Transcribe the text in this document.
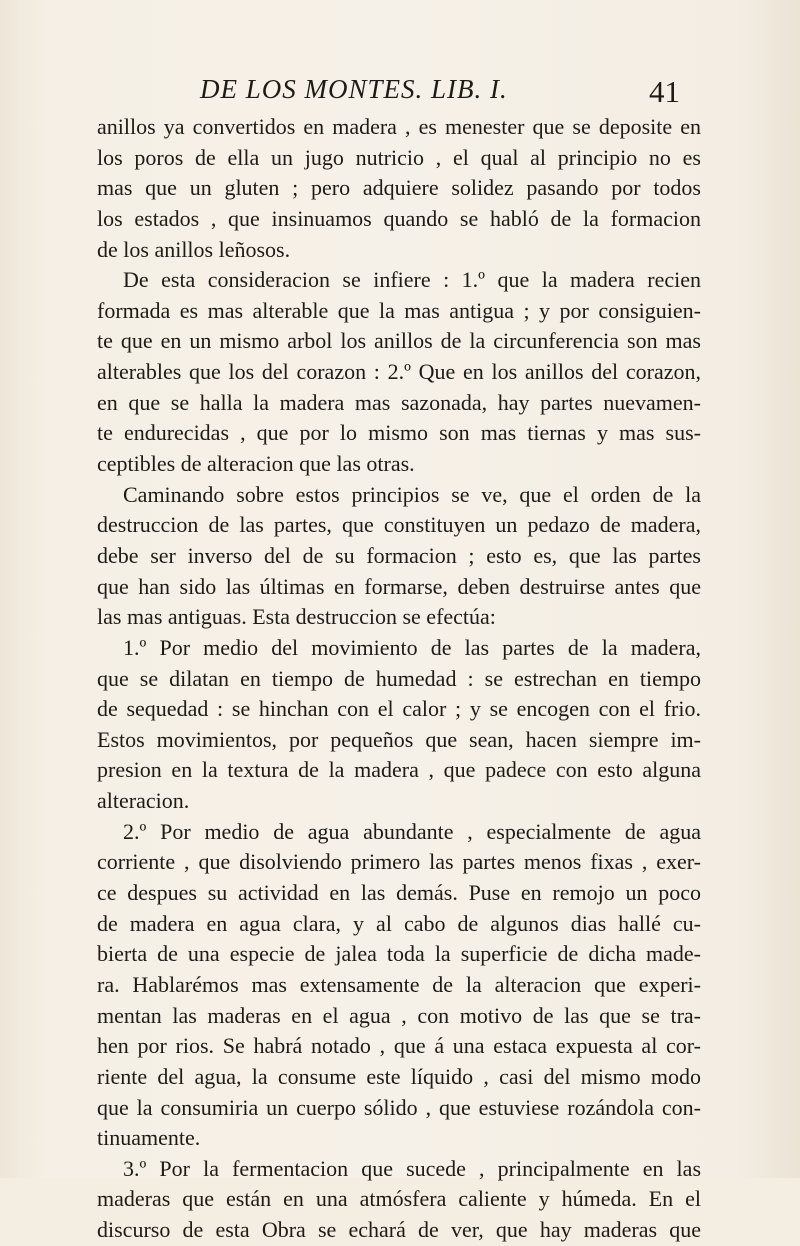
DE LOS MONTES. LIB. I.	41
anillos ya convertidos en madera , es menester que se deposite en
los poros de ella un jugo nutricio , el qual al principio no es
mas que un gluten ; pero adquiere solidez pasando por todos
los estados , que insinuamos quando se habló de la formacion
de los anillos leñosos.
De esta consideracion se infiere : 1.º que la madera recien
formada es mas alterable que la mas antigua ; y por consiguien-
te que en un mismo arbol los anillos de la circunferencia son mas
alterables que los del corazon : 2.º Que en los anillos del corazon,
en que se halla la madera mas sazonada, hay partes nuevamen-
te endurecidas , que por lo mismo son mas tiernas y mas sus-
ceptibles de alteracion que las otras.
Caminando sobre estos principios se ve, que el orden de la
destruccion de las partes, que constituyen un pedazo de madera,
debe ser inverso del de su formacion ; esto es, que las partes
que han sido las últimas en formarse, deben destruirse antes que
las mas antiguas. Esta destruccion se efectúa:
1.º Por medio del movimiento de las partes de la madera,
que se dilatan en tiempo de humedad : se estrechan en tiempo
de sequedad : se hinchan con el calor ; y se encogen con el frio.
Estos movimientos, por pequeños que sean, hacen siempre im-
presion en la textura de la madera , que padece con esto alguna
alteracion.
2.º Por medio de agua abundante , especialmente de agua
corriente , que disolviendo primero las partes menos fixas , exer-
ce despues su actividad en las demás. Puse en remojo un poco
de madera en agua clara, y al cabo de algunos dias hallé cu-
bierta de una especie de jalea toda la superficie de dicha made-
ra. Hablarémos mas extensamente de la alteracion que experi-
mentan las maderas en el agua , con motivo de las que se tra-
hen por rios. Se habrá notado , que á una estaca expuesta al cor-
riente del agua, la consume este líquido , casi del mismo modo
que la consumiria un cuerpo sólido , que estuviese rozándola con-
tinuamente.
3.º Por la fermentacion que sucede , principalmente en las
maderas que están en una atmósfera caliente y húmeda. En el
discurso de esta Obra se echará de ver, que hay maderas que
